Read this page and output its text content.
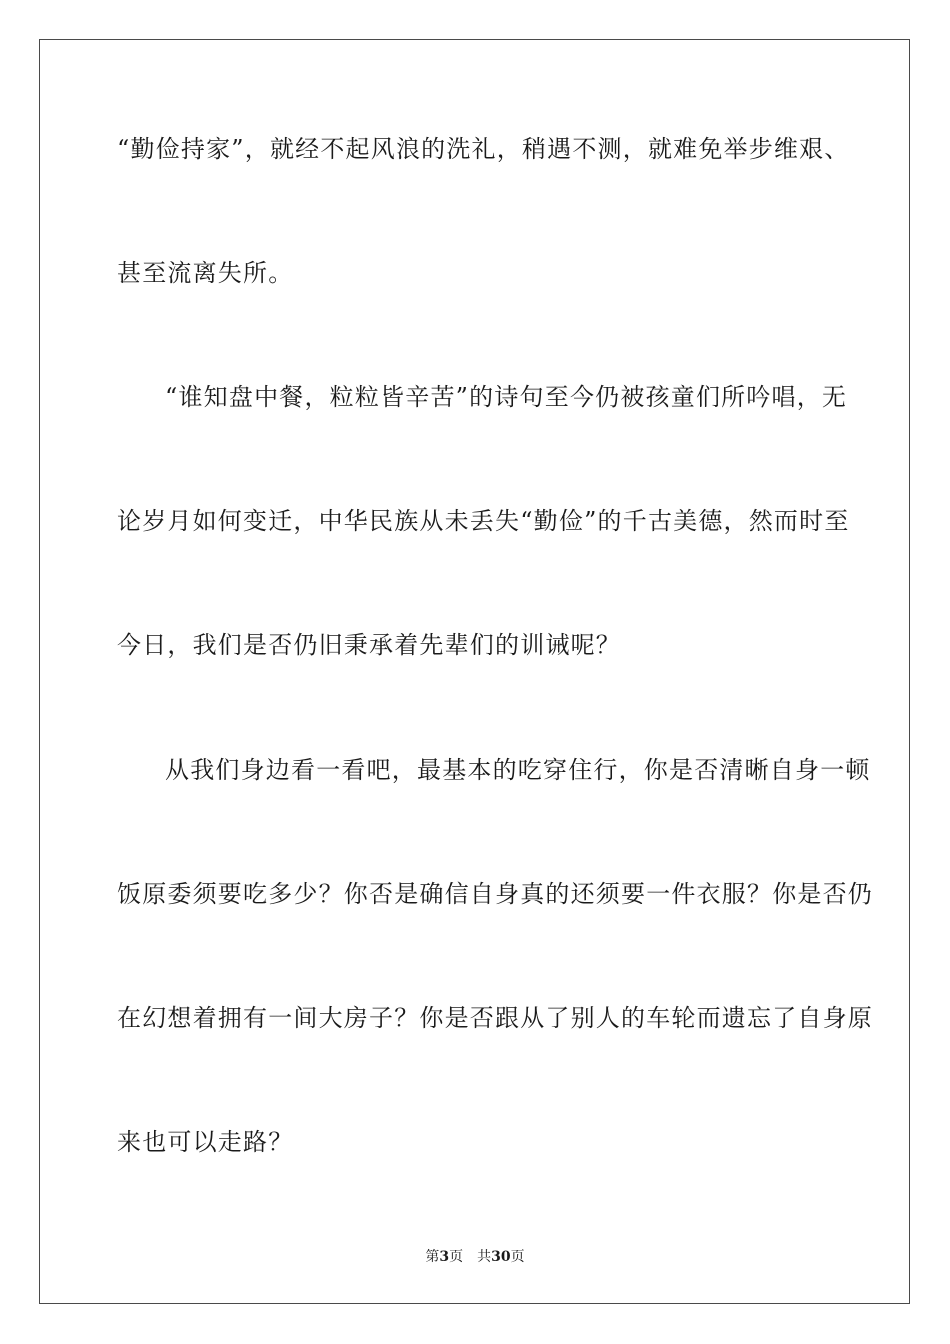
“勤俭持家”，就经不起风浪的洗礼，稍遇不测，就难免举步维艰、
甚至流离失所。
“谁知盘中餐，粒粒皆辛苦”的诗句至今仍被孩童们所吟唱，无
论岁月如何变迁，中华民族从未丢失“勤俭”的千古美德，然而时至
今日，我们是否仍旧秉承着先辈们的训诫呢？
从我们身边看一看吧，最基本的吃穿住行，你是否清晰自身一顿
饭原委须要吃多少？你否是确信自身真的还须要一件衣服？你是否仍
在幻想着拥有一间大房子？你是否跟从了别人的车轮而遗忘了自身原
来也可以走路？
第3页 共30页
